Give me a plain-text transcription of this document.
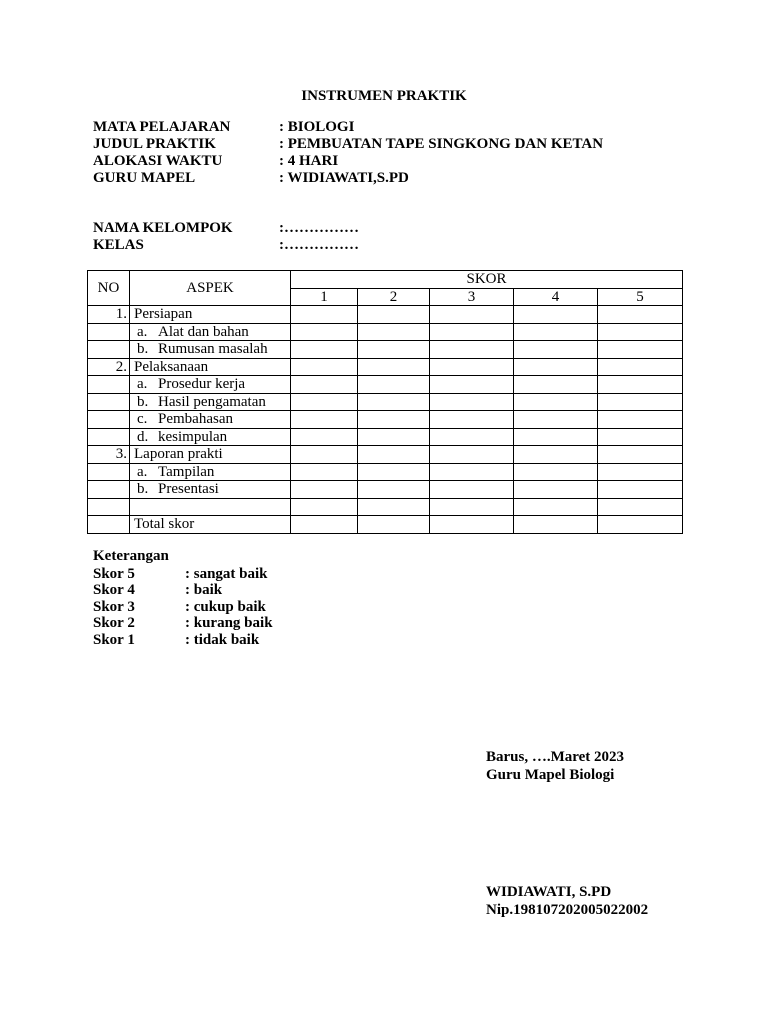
INSTRUMEN PRAKTIK
MATA PELAJARAN	: BIOLOGI
JUDUL PRAKTIK	: PEMBUATAN TAPE SINGKONG DAN KETAN
ALOKASI WAKTU	: 4 HARI
GURU MAPEL	: WIDIAWATI,S.PD
NAMA KELOMPOK	:……………
KELAS	:……………
NO	ASPEK	SKOR				
		1	2	3	4	5
1.	Persiapan					
	a. Alat dan bahan					
	b. Rumusan masalah					
2.	Pelaksanaan					
	a. Prosedur kerja					
	b. Hasil pengamatan					
	c. Pembahasan					
	d. kesimpulan					
3.	Laporan prakti					
	a. Tampilan					
	b. Presentasi					

	Total skor					
Keterangan
Skor 5	: sangat baik
Skor 4	: baik
Skor 3	: cukup baik
Skor 2	: kurang baik
Skor 1	: tidak baik
Barus, ….Maret 2023
Guru Mapel Biologi
WIDIAWATI, S.PD
Nip.198107202005022002
